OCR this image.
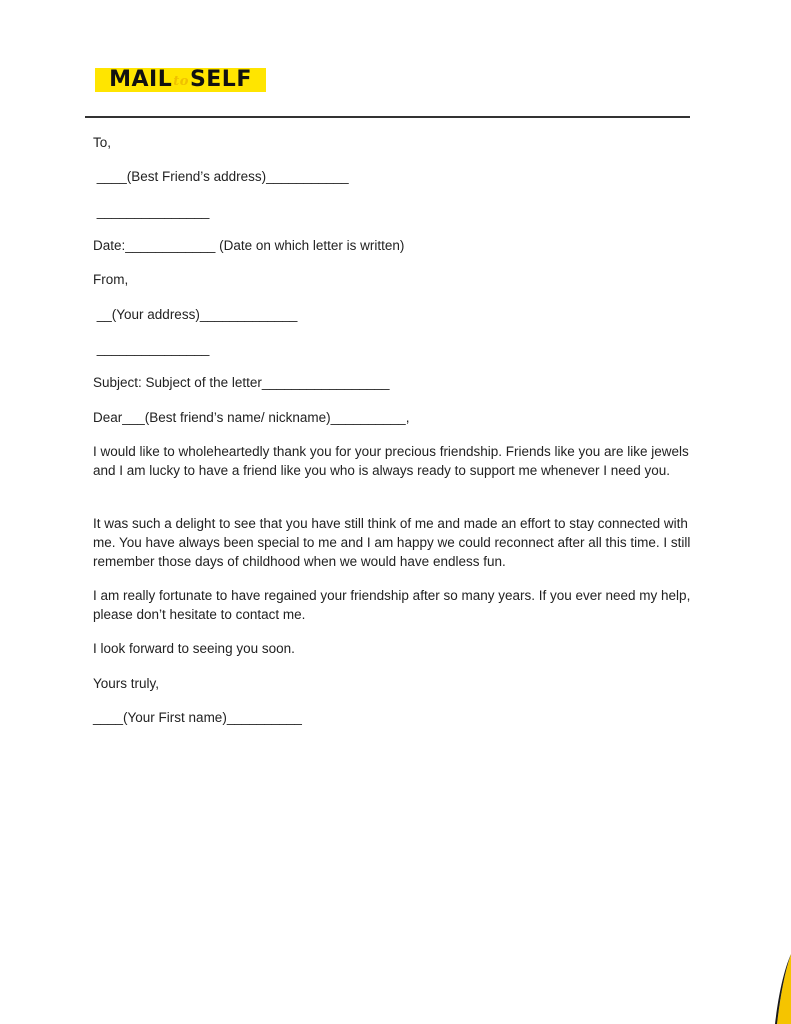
MAIL to SELF
To,
____(Best Friend’s address)___________
_______________
Date:____________ (Date on which letter is written)
From,
__(Your address)_____________
_______________
Subject: Subject of the letter_________________
Dear___(Best friend’s name/ nickname)__________,
I would like to wholeheartedly thank you for your precious friendship. Friends like you are like jewels and I am lucky to have a friend like you who is always ready to support me whenever I need you.
It was such a delight to see that you have still think of me and made an effort to stay connected with me. You have always been special to me and I am happy we could reconnect after all this time. I still remember those days of childhood when we would have endless fun.
I am really fortunate to have regained your friendship after so many years. If you ever need my help, please don’t hesitate to contact me.
I look forward to seeing you soon.
Yours truly,
____(Your First name)__________
